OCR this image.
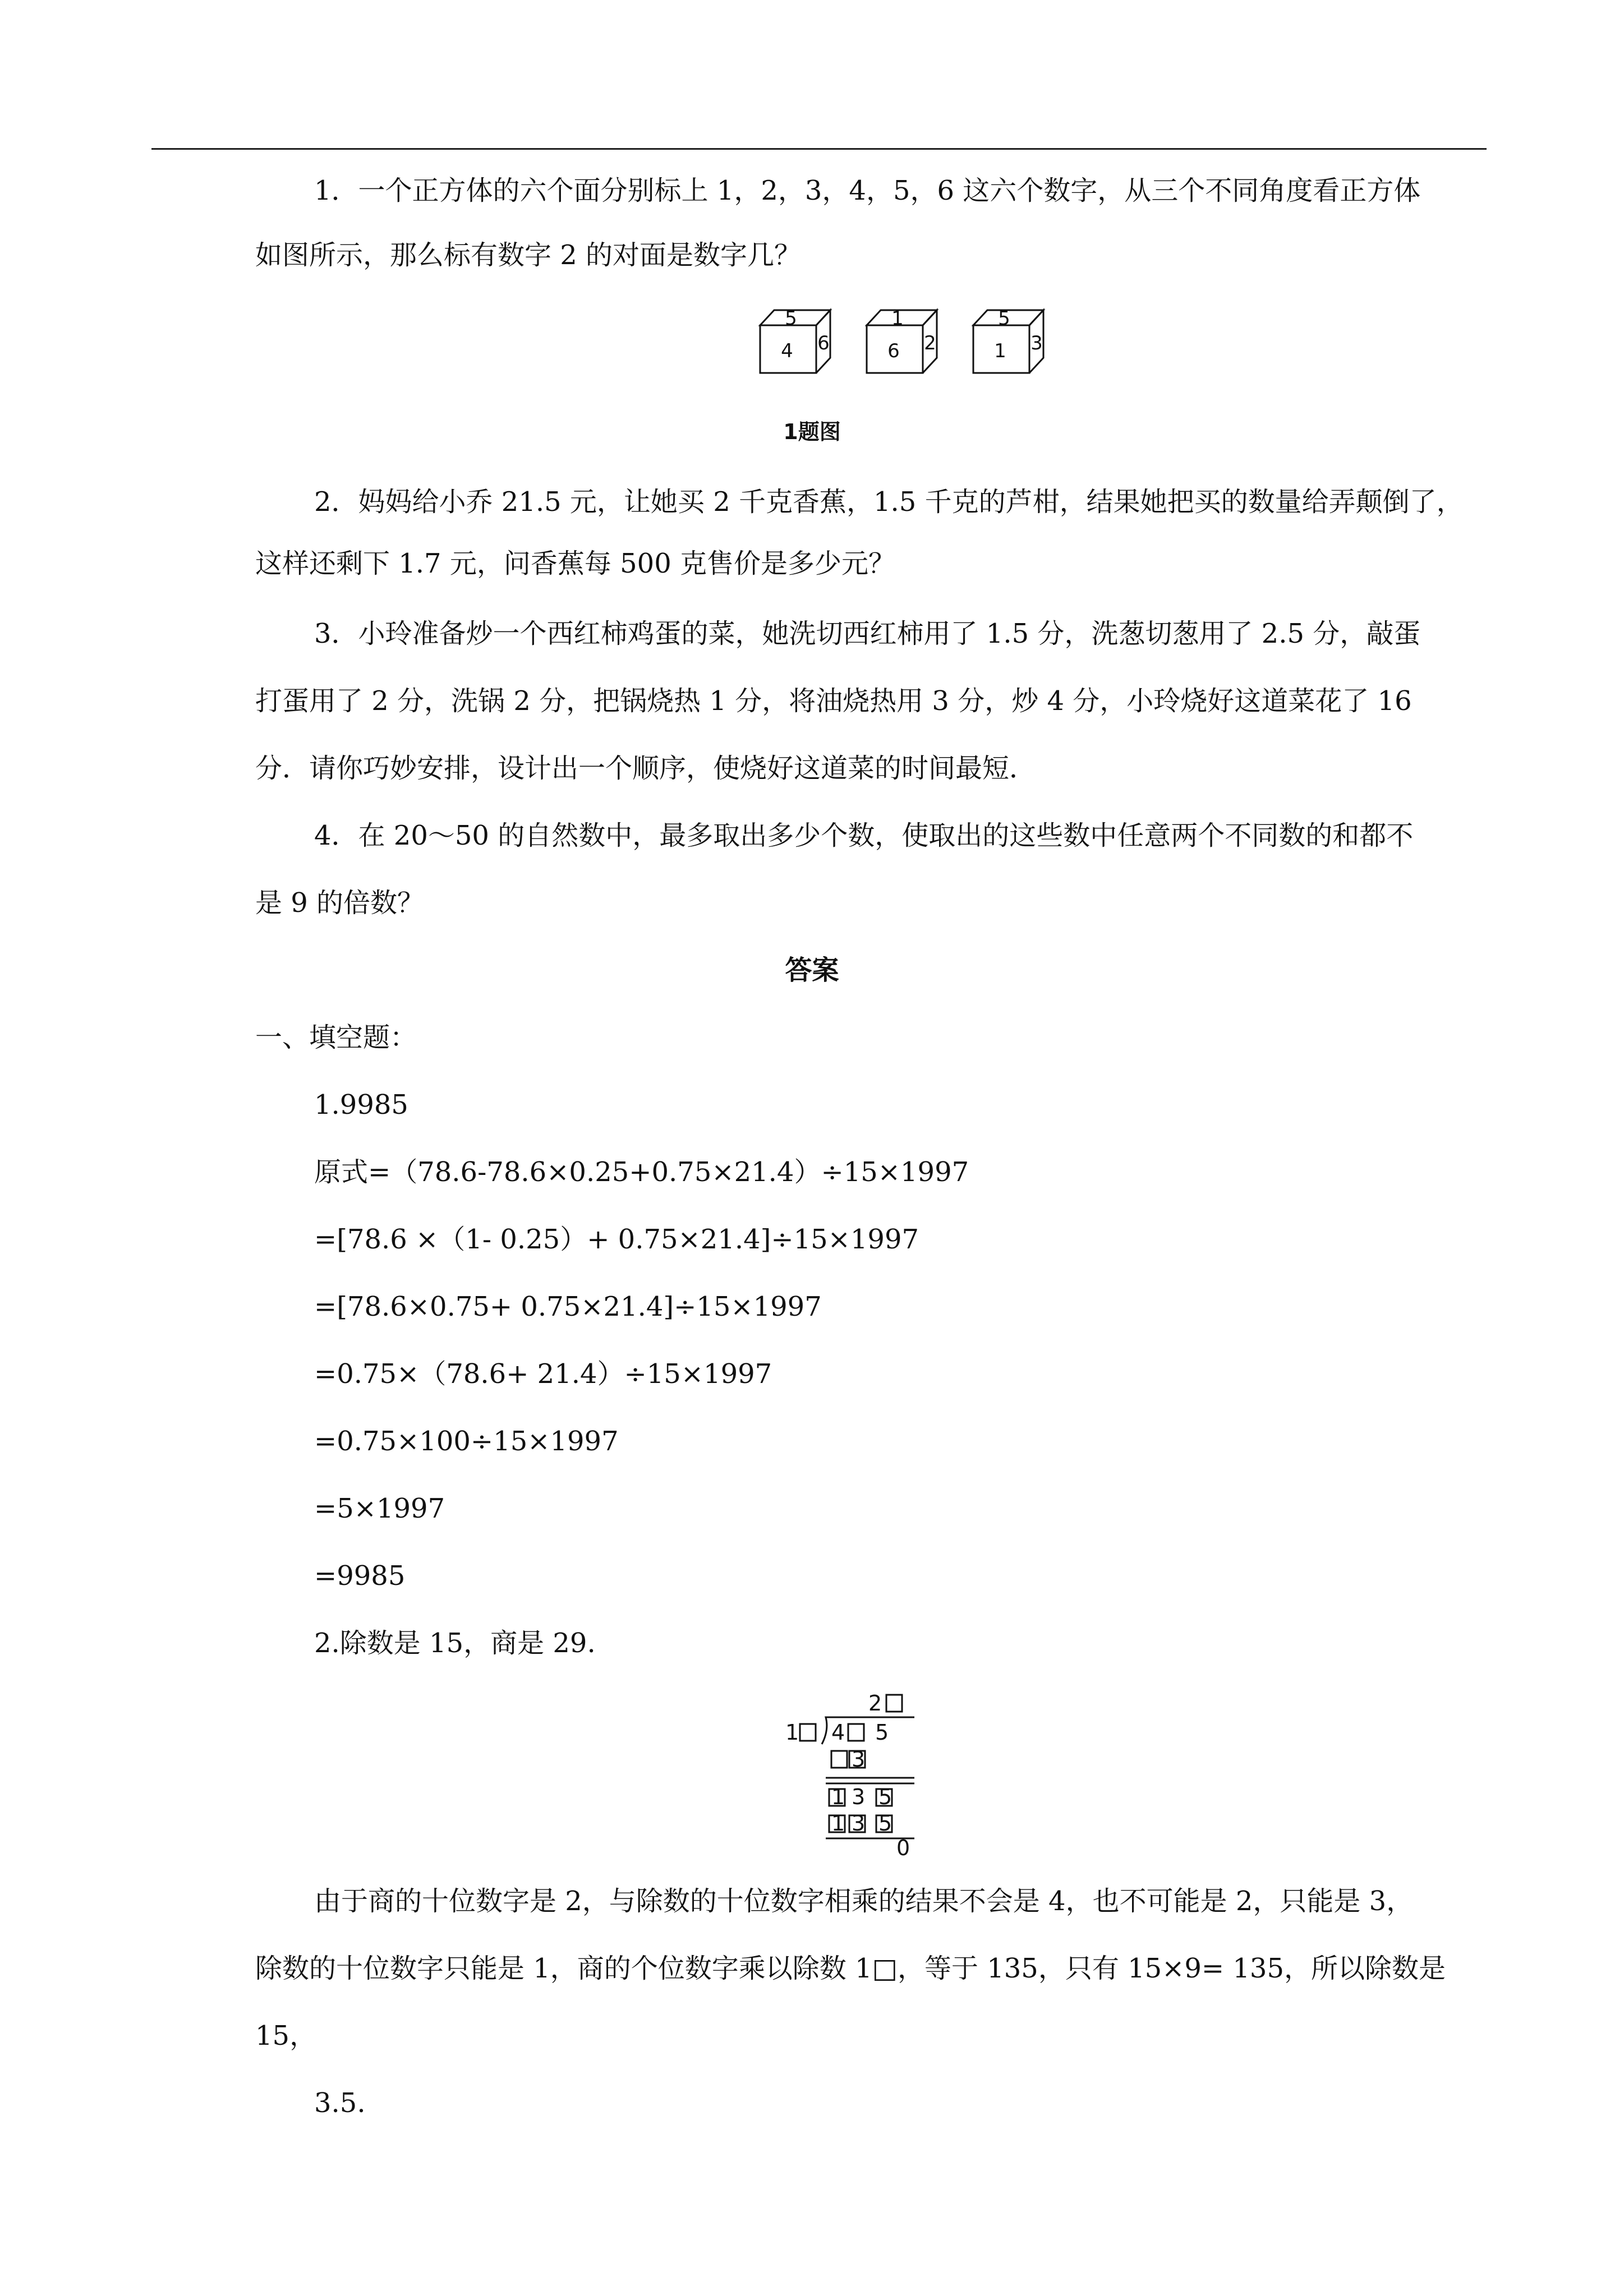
1．一个正方体的六个面分别标上 1，2，3，4，5，6 这六个数字，从三个不同角度看正方体
如图所示，那么标有数字 2 的对面是数字几？
5
4 6
1
6 2
5
1 3
1题图
2．妈妈给小乔 21.5 元，让她买 2 千克香蕉，1.5 千克的芦柑，结果她把买的数量给弄颠倒了，
这样还剩下 1.7 元，问香蕉每 500 克售价是多少元？
3．小玲准备炒一个西红柿鸡蛋的菜，她洗切西红柿用了 1.5 分，洗葱切葱用了 2.5 分，敲蛋
打蛋用了 2 分，洗锅 2 分，把锅烧热 1 分，将油烧热用 3 分，炒 4 分，小玲烧好这道菜花了 16
分．请你巧妙安排，设计出一个顺序，使烧好这道菜的时间最短．
4．在 20～50 的自然数中，最多取出多少个数，使取出的这些数中任意两个不同数的和都不
是 9 的倍数？
答案
一、填空题：
1.9985
原式=（78.6-78.6×0.25+0.75×21.4）÷15×1997
=[78.6 ×（1- 0.25）+ 0.75×21.4]÷15×1997
=[78.6×0.75+ 0.75×21.4]÷15×1997
=0.75×（78.6+ 21.4）÷15×1997
=0.75×100÷15×1997
=5×1997
=9985
2.除数是 15，商是 29.
2
1 4 5
3
1 3 5
1 3 5
0
由于商的十位数字是 2，与除数的十位数字相乘的结果不会是 4，也不可能是 2，只能是 3，
除数的十位数字只能是 1，商的个位数字乘以除数 1□，等于 135，只有 15×9= 135，所以除数是
15，
3.5.
